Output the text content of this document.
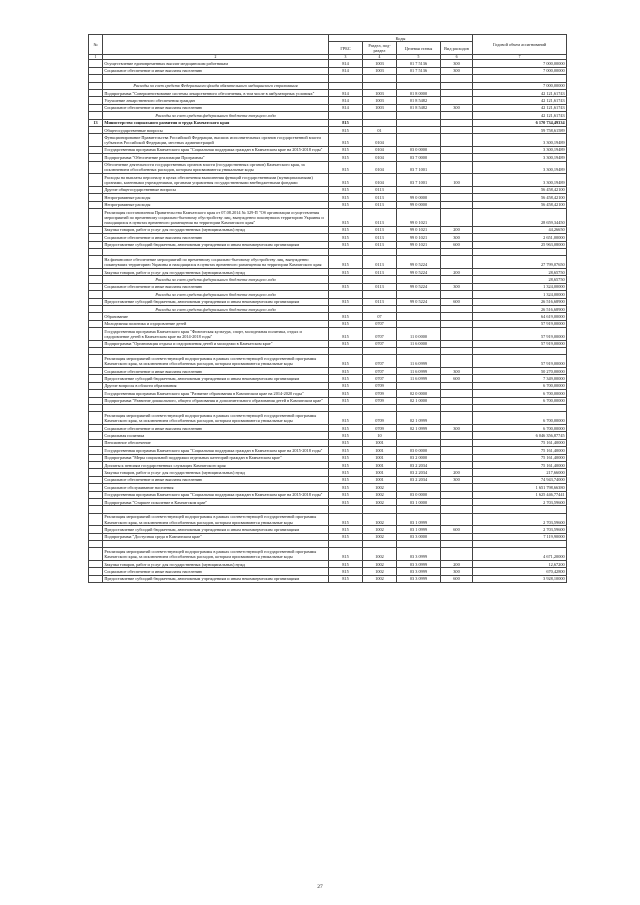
№		Коды				Годовой объем ассигнований
		ГРБС	Раздел, под-раздел	Целевая статья	Вид расходов	
1	2	3	4	5	6	7
	Осуществление единовременных выплат медицинским работникам	814	1003	01 7 5136	300	7 000,00000
	Социальное обеспечение и иные выплаты населению	814	1003	01 7 5136	300	7 000,00000

	Расходы за счет средств Федерального фонда обязательного медицинского страхования					7 000,00000
	Подпрограмма "Совершенствование системы лекарственного обеспечения, в том числе в амбулаторных условиях"	814	1003	01 8 0000		42 121,61743
	Улучшение лекарственного обеспечения граждан	814	1003	01 8 5482		42 121,61743
	Социальное обеспечение и иные выплаты населению	814	1003	01 8 5482	300	42 121,61743
	Расходы за счет средств федерального бюджета текущего года					42 121,61743
13	Министерство социального развития и труда Камчатского края	815				6 170 734,49334
	Общегосударственные вопросы	815	01			59 758,61589
	Функционирование Правительства Российской Федерации, высших исполнительных органов государственной власти субъектов Российской Федерации, местных администраций	815	0104			3 300,19489
	Государственная программа Камчатского края "Социальная поддержка граждан в Камчатском крае на 2015-2018 годы"	815	0104	03 0 0000		3 300,19489
	Подпрограмма "Обеспечение реализации Программы"	815	0104	03 7 0000		3 300,19489
	Обеспечение деятельности государственных органов власти (государственных органов) Камчатского края, за исключением обособленных расходов, которым присваиваются уникальные коды	815	0104	03 7 1001		3 300,19489
	Расходы на выплаты персоналу в целях обеспечения выполнения функций государственными (муниципальными) органами, казенными учреждениями, органами управления государственными внебюджетными фондами	815	0104	03 7 1001	100	3 300,19489
	Другие общегосударственные вопросы	815	0113			56 458,42100
	Непрограммные расходы	815	0113	99 0 0000		56 458,42100
	Непрограммные расходы	815	0113	99 0 0000		56 458,42100
	Реализация постановления Правительства Камчатского края от 07.08.2014 № 329-П "Об организации осуществления мероприятий по временному социально-бытовому обустройству лиц, вынужденно покинувших территорию Украины и находящихся в пунктах временного размещения на территории Камчатского края"	815	0113	99 0 1021		28 659,34450
	Закупка товаров, работ и услуг для государственных (муниципальных) нужд	815	0113	99 0 1021	200	44,26650
	Социальное обеспечение и иные выплаты населению	815	0113	99 0 1021	300	2 651,00000
	Предоставление субсидий бюджетным, автономным учреждениям и иным некоммерческим организациям	815	0113	99 0 1021	600	25 963,08000

	На финансовое обеспечение мероприятий по временному социально-бытовому обустройству лиц, вынужденно покинувших территорию Украины и находящихся в пунктах временного размещения на территории Камчатского края	815	0113	99 0 5224		27 799,07650
	Закупка товаров, работ и услуг для государственных (муниципальных) нужд	815	0113	99 0 5224	200	28,65750
	Расходы за счет средств федерального бюджета текущего года					28,65750
	Социальное обеспечение и иные выплаты населению	815	0113	99 0 5224	300	1 324,00000
	Расходы за счет средств федерального бюджета текущего года					1 324,00000
	Предоставление субсидий бюджетным, автономным учреждениям и иным некоммерческим организациям	815	0113	99 0 5224	600	26 516,68900
	Расходы за счет средств федерального бюджета текущего года					26 516,68900
	Образование	815	07			64 619,00000
	Молодежная политика и оздоровление детей	815	0707			57 919,00000
	Государственная программа Камчатского края "Физическая культура, спорт, молодежная политика, отдых и оздоровление детей в Камчатском крае на 2014-2018 годы"	815	0707	11 0 0000		57 919,00000
	Подпрограмма "Организация отдыха и оздоровления детей и молодежи в Камчатском крае"	815	0707	11 6 0000		57 919,00000

	Реализация мероприятий соответствующей подпрограммы в рамках соответствующей государственной программы Камчатского края, за исключением обособленных расходов, которым присваиваются уникальные коды	815	0707	11 6 0999		57 919,00000
	Социальное обеспечение и иные выплаты населению	815	0707	11 6 0999	300	50 270,00000
	Предоставление субсидий бюджетным, автономным учреждениям и иным некоммерческим организациям	815	0707	11 6 0999	600	7 349,00000
	Другие вопросы в области образования	815	0709			6 700,00000
	Государственная программа Камчатского края "Развитие образования в Камчатском крае на 2014-2020 годы"	815	0709	02 0 0000		6 700,00000
	Подпрограмма "Развитие дошкольного, общего образования и дополнительного образования детей в Камчатском крае"	815	0709	02 1 0000		6 700,00000

	Реализация мероприятий соответствующей подпрограммы в рамках соответствующей государственной программы Камчатского края, за исключением обособленных расходов, которым присваиваются уникальные коды	815	0709	02 1 0999		6 700,00000
	Социальное обеспечение и иные выплаты населению	815	0709	02 1 0999	300	6 700,00000
	Социальная политика	815	10			6 046 356,87745
	Пенсионное обеспечение	815	1001			75 161,40000
	Государственная программа Камчатского края "Социальная поддержка граждан в Камчатском крае на 2015-2018 годы"	815	1001	03 0 0000		75 161,40000
	Подпрограмма "Меры социальной поддержки отдельных категорий граждан в Камчатском крае"	815	1001	03 2 0000		75 161,40000
	Доплаты к пенсиям государственных служащих Камчатского края	815	1001	03 2 2034		75 161,40000
	Закупка товаров, работ и услуг для государственных (муниципальных) нужд	815	1001	03 2 2034	200	217,66000
	Социальное обеспечение и иные выплаты населению	815	1001	03 2 2034	300	74 943,74000
	Социальное обслуживание населения	815	1002			1 651 798,66380
	Государственная программа Камчатского края "Социальная поддержка граждан в Камчатском крае на 2015-2018 годы"	815	1002	03 0 0000		1 625 446,77441
	Подпрограмма "Старшее поколение в Камчатском крае"	815	1002	03 1 0000		2 703,59600

	Реализация мероприятий соответствующей подпрограммы в рамках соответствующей государственной программы Камчатского края, за исключением обособленных расходов, которым присваиваются уникальные коды	815	1002	03 1 0999		2 703,59600
	Предоставление субсидий бюджетным, автономным учреждениям и иным некоммерческим организациям	815	1002	03 1 0999	600	2 703,59600
	Подпрограмма "Доступная среда в Камчатском крае"	815	1002	03 3 0000		7 119,90000

	Реализация мероприятий соответствующей подпрограммы в рамках соответствующей государственной программы Камчатского края, за исключением обособленных расходов, которым присваиваются уникальные коды	815	1002	03 3 0999		4 671,20000
	Закупка товаров, работ и услуг для государственных (муниципальных) нужд	815	1002	03 3 0999	200	12,67200
	Социальное обеспечение и иные выплаты населению	815	1002	03 3 0999	300	670,42800
	Предоставление субсидий бюджетным, автономным учреждениям и иным некоммерческим организациям	815	1002	03 3 0999	600	3 928,10000
27
